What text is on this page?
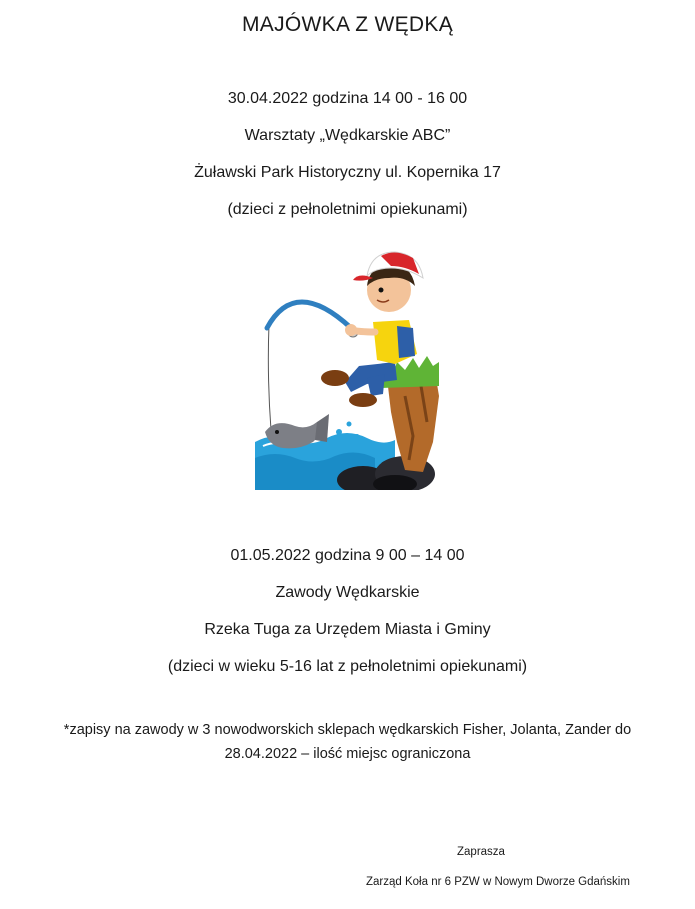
MAJÓWKA Z WĘDKĄ
30.04.2022 godzina 14 00 - 16 00
Warsztaty „Wędkarskie ABC”
Żuławski Park Historyczny ul. Kopernika 17
(dzieci z pełnoletnimi opiekunami)
01.05.2022 godzina 9 00 – 14 00
Zawody Wędkarskie
Rzeka Tuga za Urzędem Miasta i Gminy
(dzieci w wieku 5-16 lat z pełnoletnimi opiekunami)
*zapisy na zawody w 3 nowodworskich sklepach wędkarskich Fisher, Jolanta, Zander do
28.04.2022 – ilość miejsc ograniczona
Zaprasza
Zarząd Koła nr 6 PZW w Nowym Dworze Gdańskim
